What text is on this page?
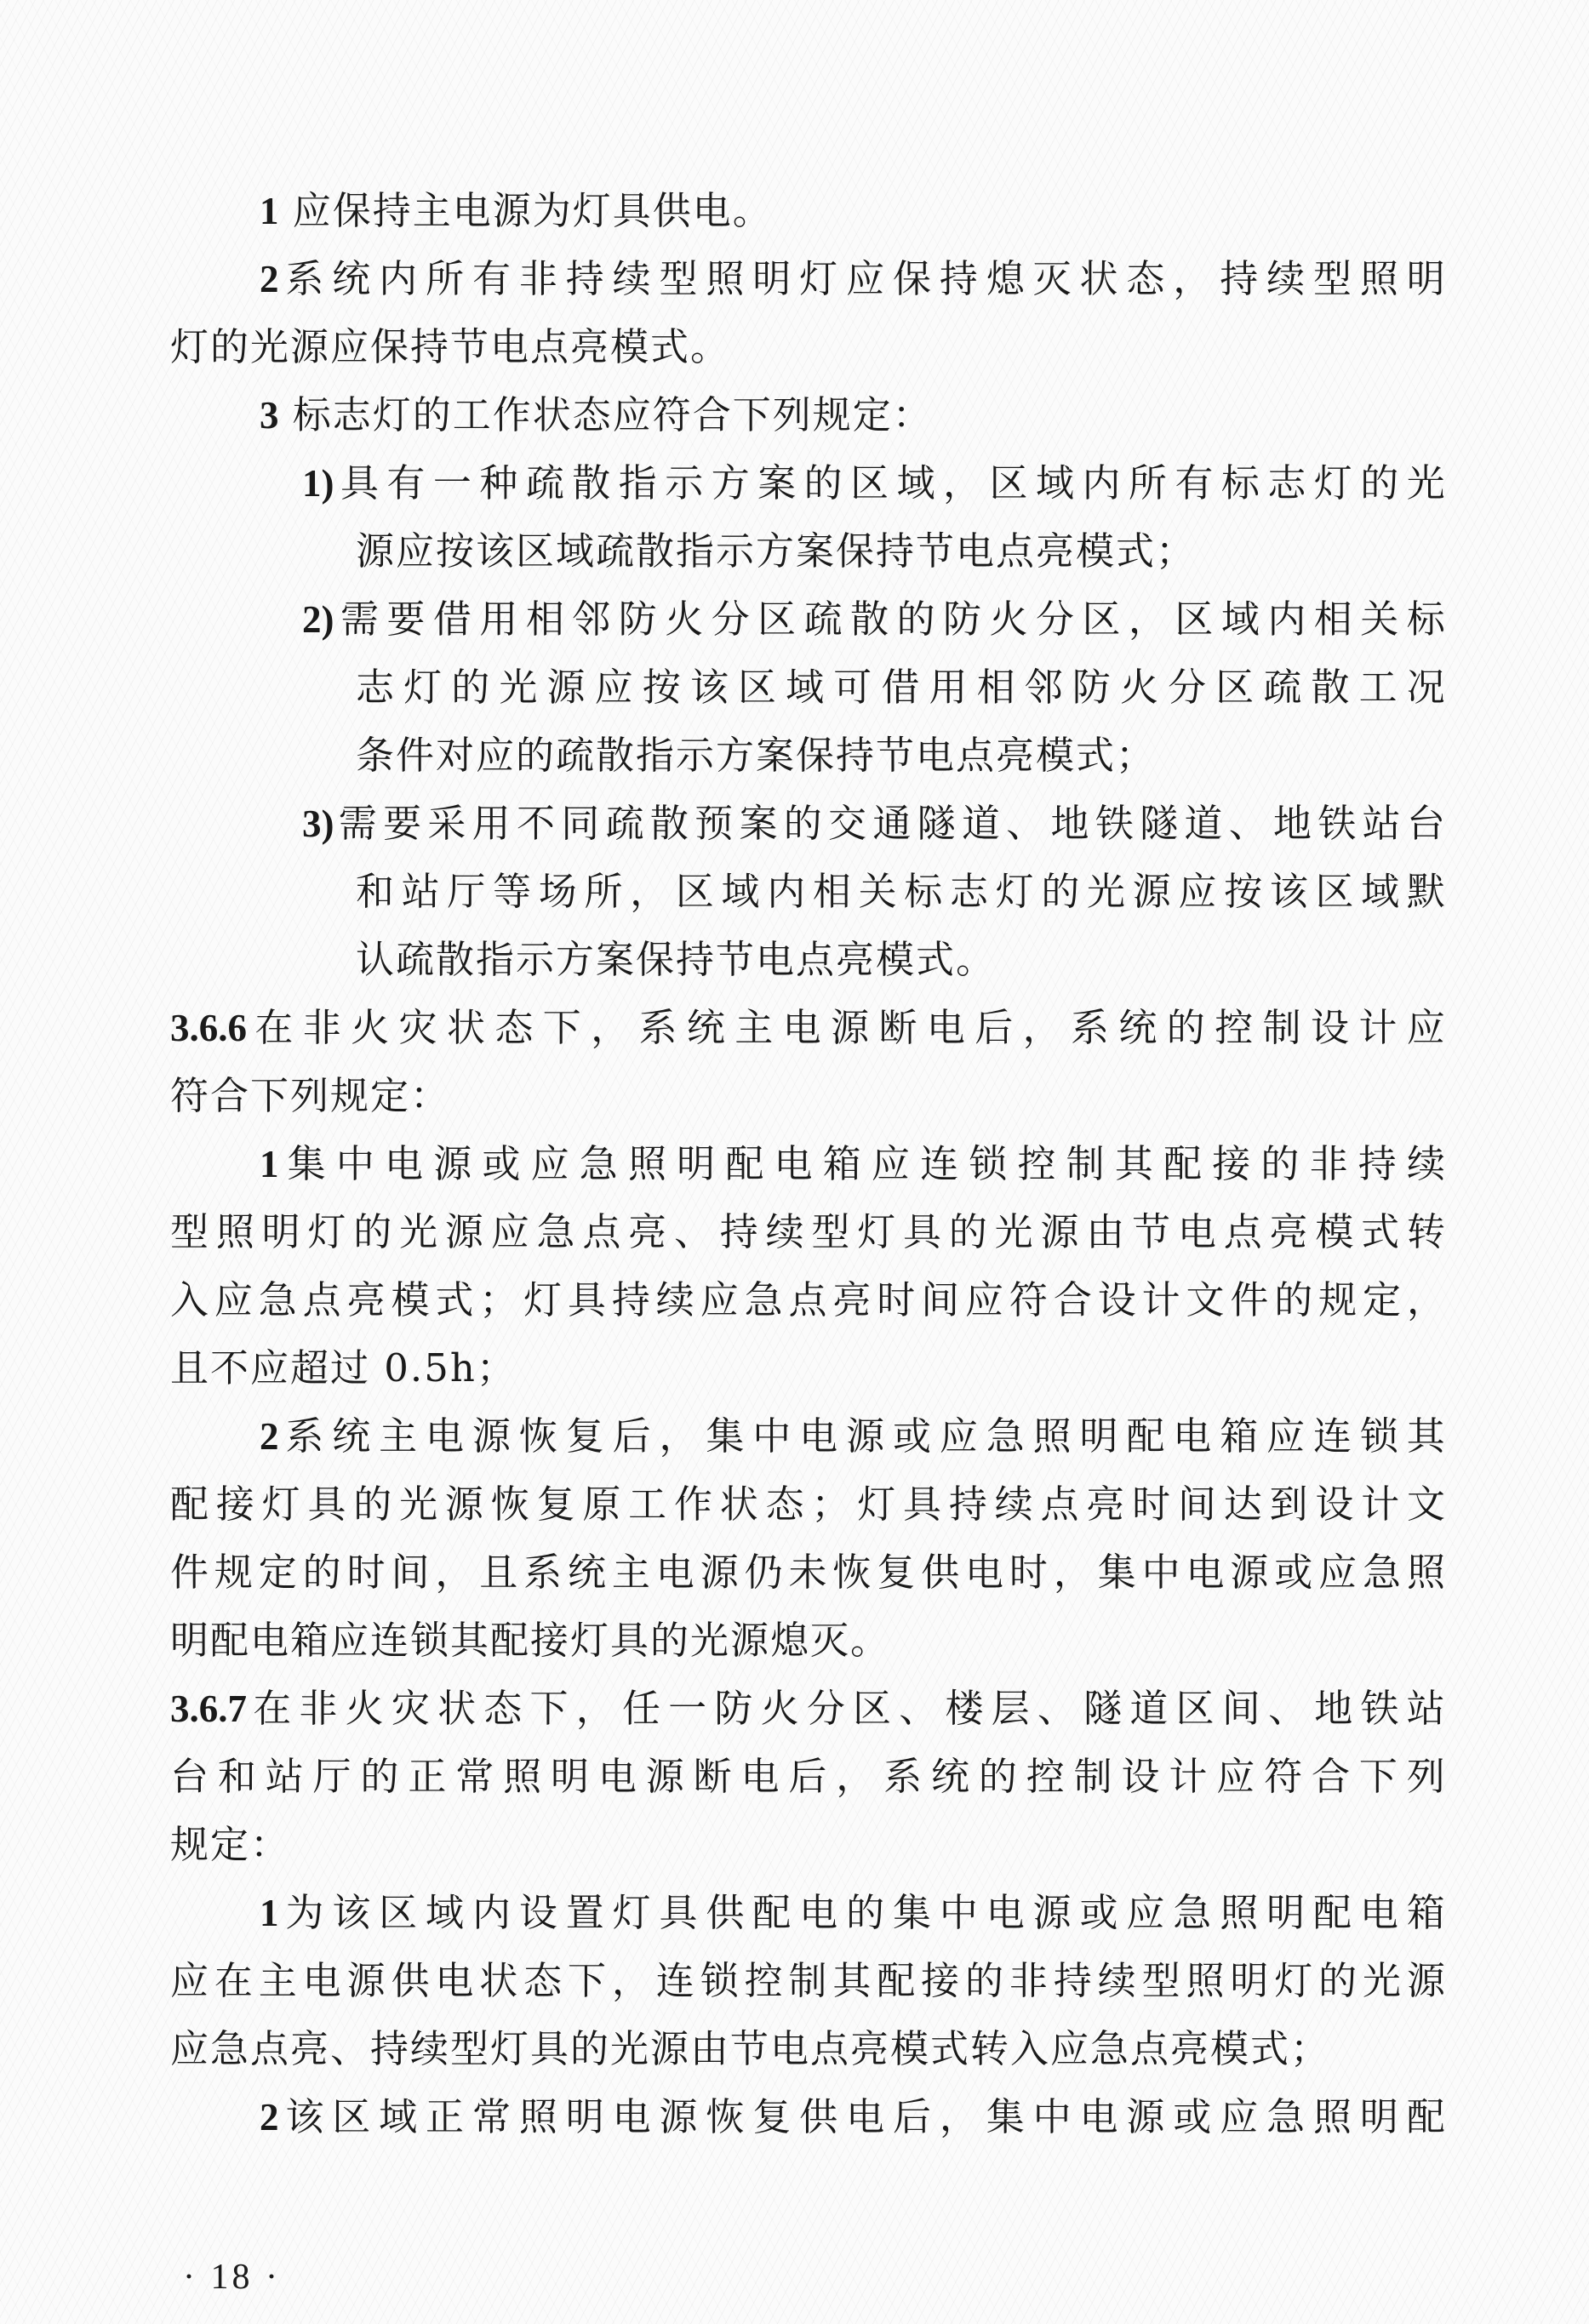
1 应保持主电源为灯具供电。
2 系 统 内 所 有 非 持 续 型 照 明 灯 应 保 持 熄 灭 状 态 ， 持 续 型 照 明
灯的光源应保持节电点亮模式。
3 标志灯的工作状态应符合下列规定：
1) 具 有 一 种 疏 散 指 示 方 案 的 区 域 ， 区 域 内 所 有 标 志 灯 的 光
源应按该区域疏散指示方案保持节电点亮模式；
2) 需 要 借 用 相 邻 防 火 分 区 疏 散 的 防 火 分 区 ， 区 域 内 相 关 标
志 灯 的 光 源 应 按 该 区 域 可 借 用 相 邻 防 火 分 区 疏 散 工 况
条件对应的疏散指示方案保持节电点亮模式；
3) 需 要 采 用 不 同 疏 散 预 案 的 交 通 隧 道 、 地 铁 隧 道 、 地 铁 站 台
和 站 厅 等 场 所 ， 区 域 内 相 关 标 志 灯 的 光 源 应 按 该 区 域 默
认疏散指示方案保持节电点亮模式。
3.6.6 在 非 火 灾 状 态 下 ， 系 统 主 电 源 断 电 后 ， 系 统 的 控 制 设 计 应
符合下列规定：
1 集 中 电 源 或 应 急 照 明 配 电 箱 应 连 锁 控 制 其 配 接 的 非 持 续
型 照 明 灯 的 光 源 应 急 点 亮 、 持 续 型 灯 具 的 光 源 由 节 电 点 亮 模 式 转
入 应 急 点 亮 模 式 ； 灯 具 持 续 应 急 点 亮 时 间 应 符 合 设 计 文 件 的 规 定 ，
且不应超过 0.5h；
2 系 统 主 电 源 恢 复 后 ， 集 中 电 源 或 应 急 照 明 配 电 箱 应 连 锁 其
配 接 灯 具 的 光 源 恢 复 原 工 作 状 态 ； 灯 具 持 续 点 亮 时 间 达 到 设 计 文
件 规 定 的 时 间 ， 且 系 统 主 电 源 仍 未 恢 复 供 电 时 ， 集 中 电 源 或 应 急 照
明配电箱应连锁其配接灯具的光源熄灭。
3.6.7 在 非 火 灾 状 态 下 ， 任 一 防 火 分 区 、 楼 层 、 隧 道 区 间 、 地 铁 站
台 和 站 厅 的 正 常 照 明 电 源 断 电 后 ， 系 统 的 控 制 设 计 应 符 合 下 列
规定：
1 为 该 区 域 内 设 置 灯 具 供 配 电 的 集 中 电 源 或 应 急 照 明 配 电 箱
应 在 主 电 源 供 电 状 态 下 ， 连 锁 控 制 其 配 接 的 非 持 续 型 照 明 灯 的 光 源
应急点亮、持续型灯具的光源由节电点亮模式转入应急点亮模式；
2 该 区 域 正 常 照 明 电 源 恢 复 供 电 后 ， 集 中 电 源 或 应 急 照 明 配
· 18 ·
